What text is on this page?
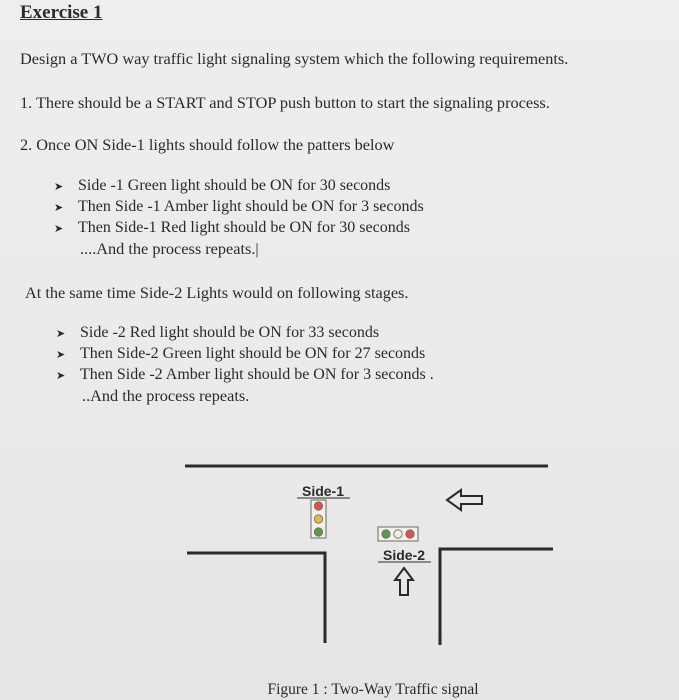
Exercise 1
Design a TWO way traffic light signaling system which the following requirements.
1. There should be a START and STOP push button to start the signaling process.
2. Once ON Side-1 lights should follow the patters below
➤ Side -1 Green light should be ON for 30 seconds
➤ Then Side -1 Amber light should be ON for 3 seconds
➤ Then Side-1 Red light should be ON for 30 seconds
....And the process repeats.|
At the same time Side-2 Lights would on following stages.
➤ Side -2 Red light should be ON for 33 seconds
➤ Then Side-2 Green light should be ON for 27 seconds
➤ Then Side -2 Amber light should be ON for 3 seconds .
..And the process repeats.
Side-1
Side-2
Figure 1 : Two-Way Traffic signal
